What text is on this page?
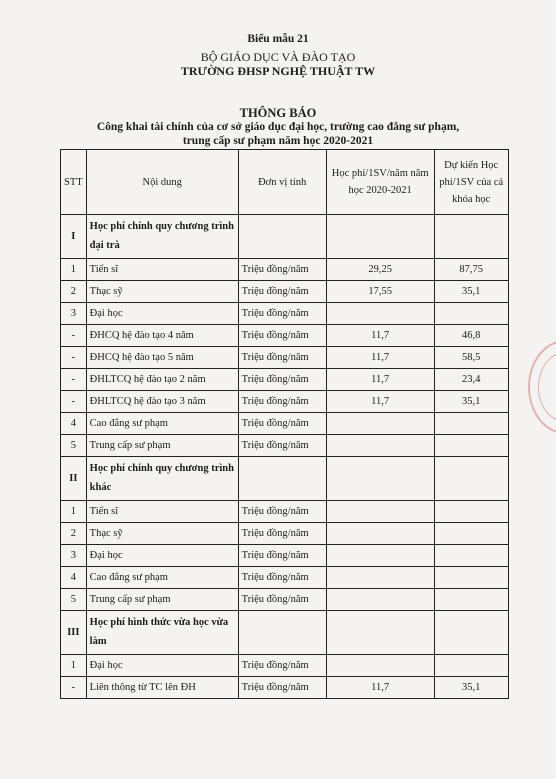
Biểu mẫu 21
BỘ GIÁO DỤC VÀ ĐÀO TẠO
TRƯỜNG ĐHSP NGHỆ THUẬT TW
THÔNG BÁO
Công khai tài chính của cơ sở giáo dục đại học, trường cao đẳng sư phạm,
trung cấp sư phạm năm học 2020-2021
STT	Nội dung	Đơn vị tính	Học phí/1SV/năm năm học 2020-2021	Dự kiến Học phí/1SV của cả khóa học
I	Học phí chính quy chương trình đại trà			
1	Tiến sĩ	Triệu đồng/năm	29,25	87,75
2	Thạc sỹ	Triệu đồng/năm	17,55	35,1
3	Đại học	Triệu đồng/năm		
-	ĐHCQ hệ đào tạo 4 năm	Triệu đồng/năm	11,7	46,8
-	ĐHCQ hệ đào tạo 5 năm	Triệu đồng/năm	11,7	58,5
-	ĐHLTCQ hệ đào tạo 2 năm	Triệu đồng/năm	11,7	23,4
-	ĐHLTCQ hệ đào tạo 3 năm	Triệu đồng/năm	11,7	35,1
4	Cao đẳng sư phạm	Triệu đồng/năm		
5	Trung cấp sư phạm	Triệu đồng/năm		
II	Học phí chính quy chương trình khác			
1	Tiến sĩ	Triệu đồng/năm		
2	Thạc sỹ	Triệu đồng/năm		
3	Đại học	Triệu đồng/năm		
4	Cao đẳng sư phạm	Triệu đồng/năm		
5	Trung cấp sư phạm	Triệu đồng/năm		
III	Học phí hình thức vừa học vừa làm			
1	Đại học	Triệu đồng/năm		
-	Liên thông từ TC lên ĐH	Triệu đồng/năm	11,7	35,1
